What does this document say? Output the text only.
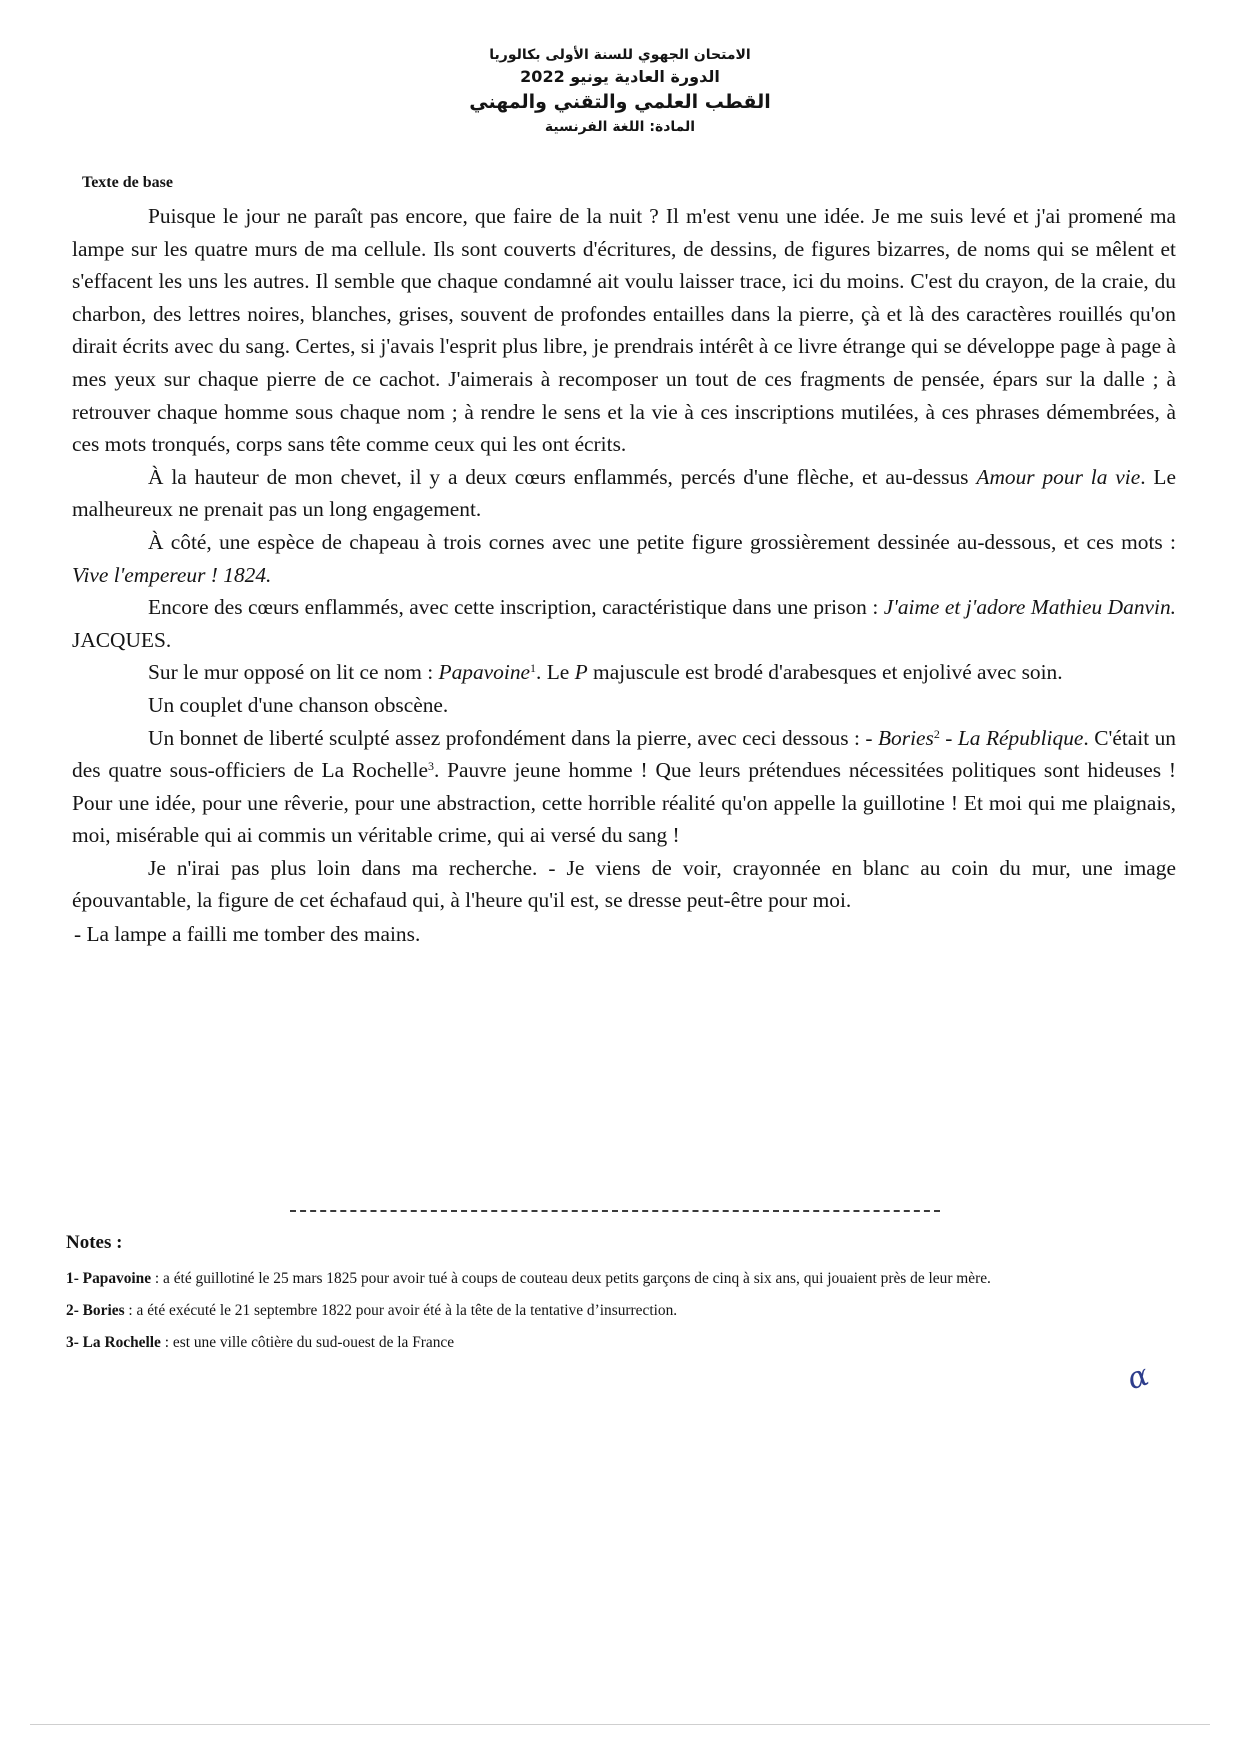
الامتحان الجهوي للسنة الأولى بكالوريا
الدورة العادية يونيو 2022
القطب العلمي والتقني والمهني
المادة: اللغة الفرنسية
Texte de base

Puisque le jour ne paraît pas encore, que faire de la nuit ? Il m'est venu une idée. Je me suis levé et j'ai promené ma lampe sur les quatre murs de ma cellule. Ils sont couverts d'écritures, de dessins, de figures bizarres, de noms qui se mêlent et s'effacent les uns les autres. Il semble que chaque condamné ait voulu laisser trace, ici du moins. C'est du crayon, de la craie, du charbon, des lettres noires, blanches, grises, souvent de profondes entailles dans la pierre, çà et là des caractères rouillés qu'on dirait écrits avec du sang. Certes, si j'avais l'esprit plus libre, je prendrais intérêt à ce livre étrange qui se développe page à page à mes yeux sur chaque pierre de ce cachot. J'aimerais à recomposer un tout de ces fragments de pensée, épars sur la dalle ; à retrouver chaque homme sous chaque nom ; à rendre le sens et la vie à ces inscriptions mutilées, à ces phrases démembrées, à ces mots tronqués, corps sans tête comme ceux qui les ont écrits.

À la hauteur de mon chevet, il y a deux cœurs enflammés, percés d'une flèche, et au-dessus Amour pour la vie. Le malheureux ne prenait pas un long engagement.

À côté, une espèce de chapeau à trois cornes avec une petite figure grossièrement dessinée au-dessous, et ces mots : Vive l'empereur ! 1824.

Encore des cœurs enflammés, avec cette inscription, caractéristique dans une prison : J'aime et j'adore Mathieu Danvin. JACQUES.

Sur le mur opposé on lit ce nom : Papavoine$^1$. Le P majuscule est brodé d'arabesques et enjolivé avec soin.

Un couplet d'une chanson obscène.

Un bonnet de liberté sculpté assez profondément dans la pierre, avec ceci dessous : - Bories$^2$ - La République. C'était un des quatre sous-officiers de La Rochelle$^3$. Pauvre jeune homme ! Que leurs prétendues nécessitées politiques sont hideuses ! Pour une idée, pour une rêverie, pour une abstraction, cette horrible réalité qu'on appelle la guillotine ! Et moi qui me plaignais, moi, misérable qui ai commis un véritable crime, qui ai versé du sang !

Je n'irai pas plus loin dans ma recherche. - Je viens de voir, crayonnée en blanc au coin du mur, une image épouvantable, la figure de cet échafaud qui, à l'heure qu'il est, se dresse peut-être pour moi.

- La lampe a failli me tomber des mains.

Notes :
1- Papavoine : a été guillotiné le 25 mars 1825 pour avoir tué à coups de couteau deux petits garçons de cinq à six ans, qui jouaient près de leur mère.
2- Bories : a été exécuté le 21 septembre 1822 pour avoir été à la tête de la tentative d’insurrection.
3- La Rochelle : est une ville côtière du sud-ouest de la France
α
